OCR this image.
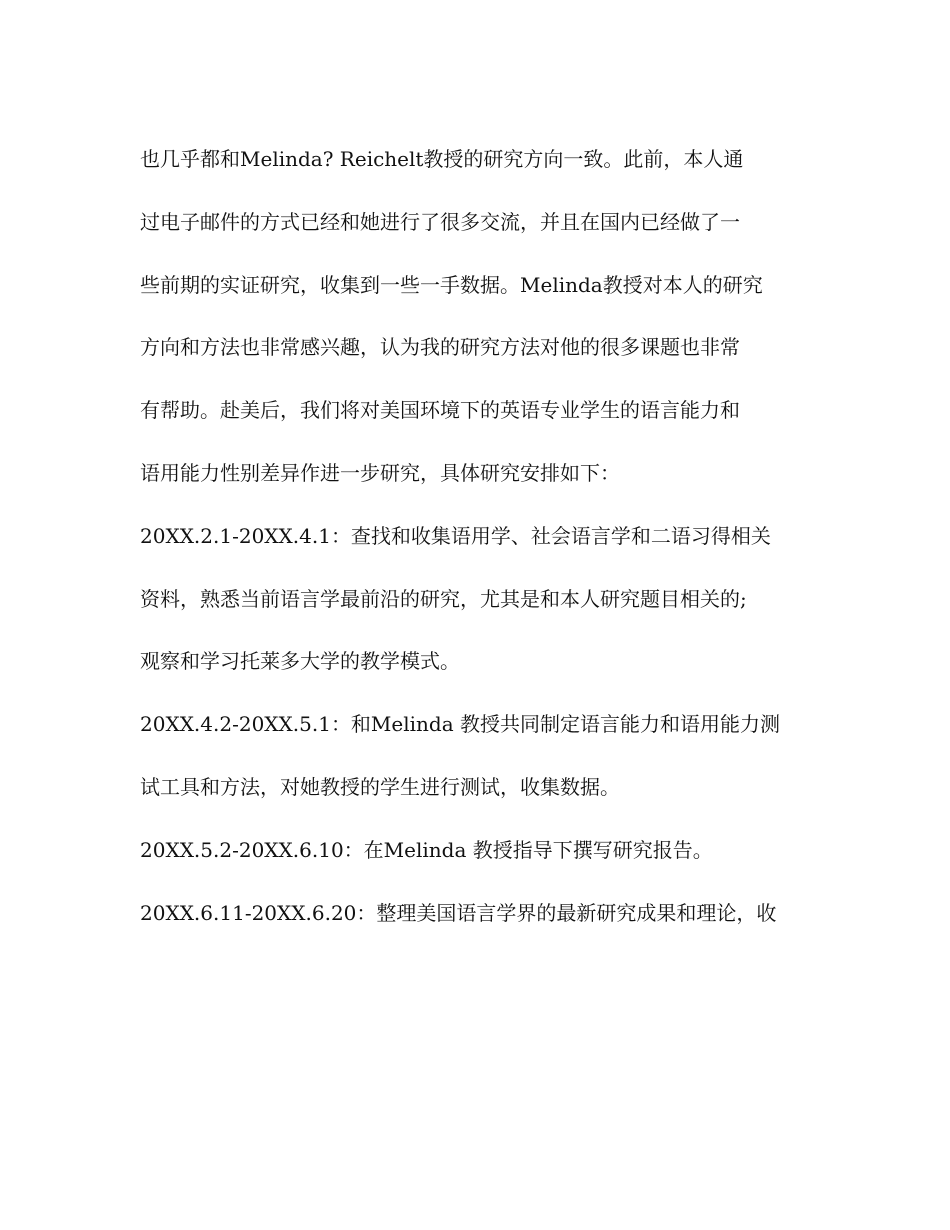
也几乎都和Melinda? Reichelt教授的研究方向一致。此前，本人通
过电子邮件的方式已经和她进行了很多交流，并且在国内已经做了一
些前期的实证研究，收集到一些一手数据。Melinda教授对本人的研究
方向和方法也非常感兴趣，认为我的研究方法对他的很多课题也非常
有帮助。赴美后，我们将对美国环境下的英语专业学生的语言能力和
语用能力性别差异作进一步研究，具体研究安排如下：
20XX.2.1-20XX.4.1：查找和收集语用学、社会语言学和二语习得相关
资料，熟悉当前语言学最前沿的研究，尤其是和本人研究题目相关的;
观察和学习托莱多大学的教学模式。
20XX.4.2-20XX.5.1：和Melinda 教授共同制定语言能力和语用能力测
试工具和方法，对她教授的学生进行测试，收集数据。
20XX.5.2-20XX.6.10：在Melinda 教授指导下撰写研究报告。
20XX.6.11-20XX.6.20：整理美国语言学界的最新研究成果和理论，收
